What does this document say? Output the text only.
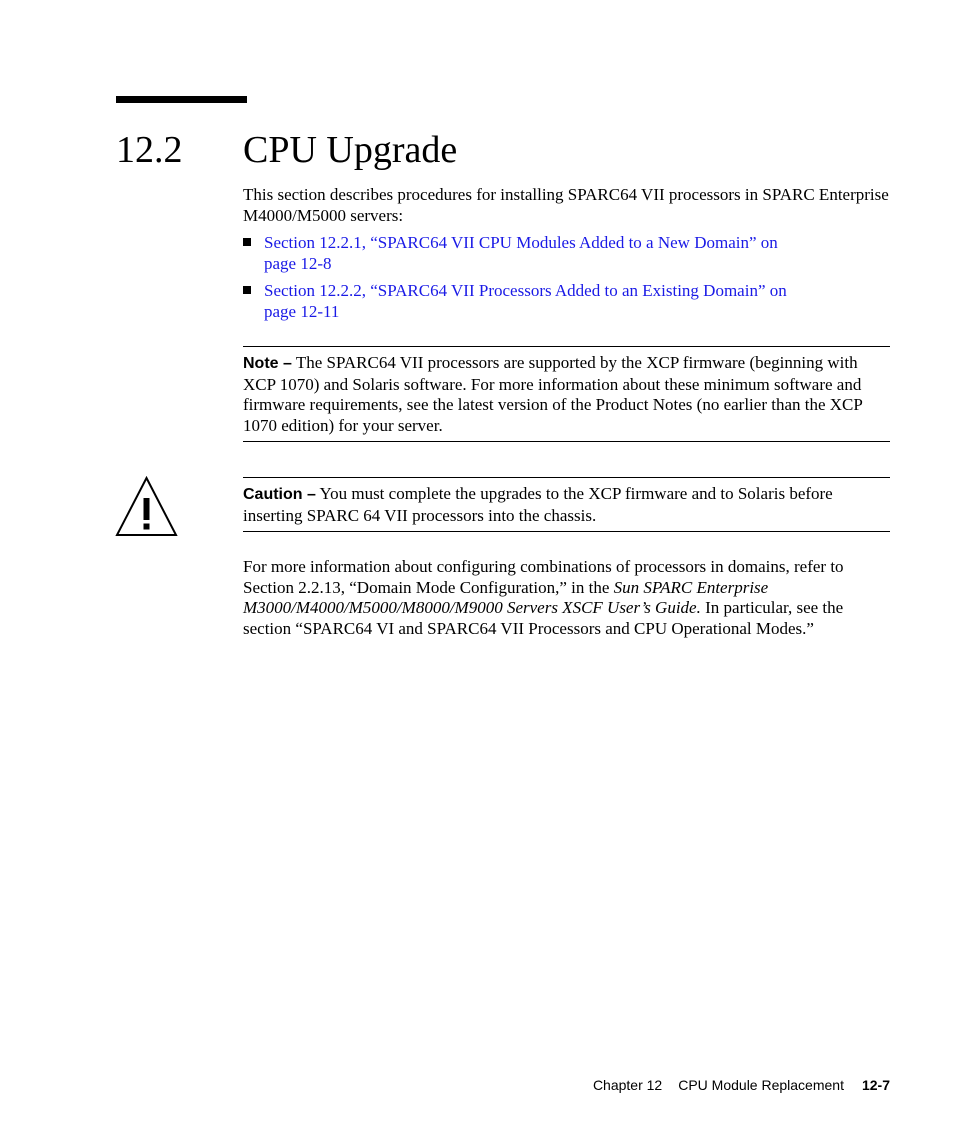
12.2 CPU Upgrade

This section describes procedures for installing SPARC64 VII processors in SPARC Enterprise M4000/M5000 servers:

Section 12.2.1, “SPARC64 VII CPU Modules Added to a New Domain” on
page 12-8
Section 12.2.2, “SPARC64 VII Processors Added to an Existing Domain” on
page 12-11

Note – The SPARC64 VII processors are supported by the XCP firmware (beginning with XCP 1070) and Solaris software. For more information about these minimum software and firmware requirements, see the latest version of the Product Notes (no earlier than the XCP 1070 edition) for your server.

Caution – You must complete the upgrades to the XCP firmware and to Solaris before inserting SPARC 64 VII processors into the chassis.

For more information about configuring combinations of processors in domains, refer to Section 2.2.13, “Domain Mode Configuration,” in the Sun SPARC Enterprise M3000/M4000/M5000/M8000/M9000 Servers XSCF User’s Guide. In particular, see the section “SPARC64 VI and SPARC64 VII Processors and CPU Operational Modes.”

Chapter 12 CPU Module Replacement 12-7
